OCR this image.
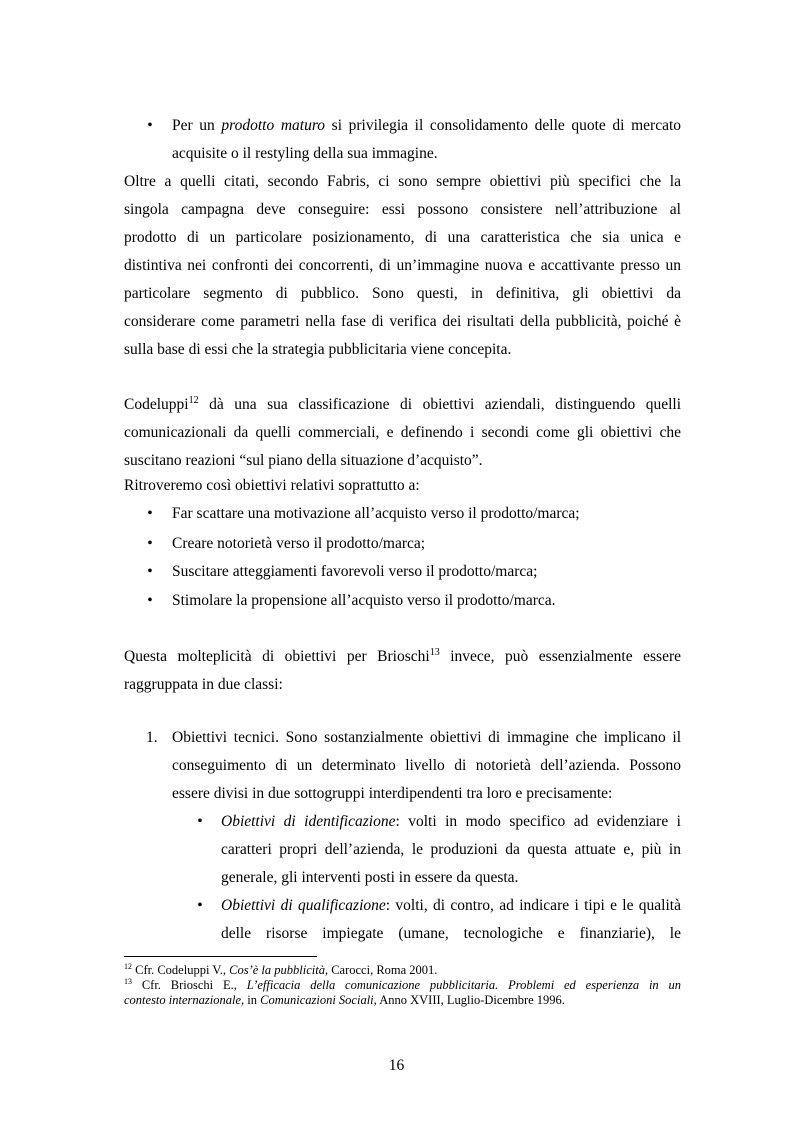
• Per un prodotto maturo si privilegia il consolidamento delle quote di mercato
acquisite o il restyling della sua immagine.
Oltre a quelli citati, secondo Fabris, ci sono sempre obiettivi più specifici che la
singola campagna deve conseguire: essi possono consistere nell’attribuzione al
prodotto di un particolare posizionamento, di una caratteristica che sia unica e
distintiva nei confronti dei concorrenti, di un’immagine nuova e accattivante presso un
particolare segmento di pubblico. Sono questi, in definitiva, gli obiettivi da
considerare come parametri nella fase di verifica dei risultati della pubblicità, poiché è
sulla base di essi che la strategia pubblicitaria viene concepita.
Codeluppi$^{12}$ dà una sua classificazione di obiettivi aziendali, distinguendo quelli
comunicazionali da quelli commerciali, e definendo i secondi come gli obiettivi che
suscitano reazioni “sul piano della situazione d’acquisto”.
Ritroveremo così obiettivi relativi soprattutto a:
• Far scattare una motivazione all’acquisto verso il prodotto/marca;
• Creare notorietà verso il prodotto/marca;
• Suscitare atteggiamenti favorevoli verso il prodotto/marca;
• Stimolare la propensione all’acquisto verso il prodotto/marca.
Questa molteplicità di obiettivi per Brioschi$^{13}$ invece, può essenzialmente essere
raggruppata in due classi:
1. Obiettivi tecnici. Sono sostanzialmente obiettivi di immagine che implicano il
conseguimento di un determinato livello di notorietà dell’azienda. Possono
essere divisi in due sottogruppi interdipendenti tra loro e precisamente:
• Obiettivi di identificazione: volti in modo specifico ad evidenziare i
caratteri propri dell’azienda, le produzioni da questa attuate e, più in
generale, gli interventi posti in essere da questa.
• Obiettivi di qualificazione: volti, di contro, ad indicare i tipi e le qualità
delle risorse impiegate (umane, tecnologiche e finanziarie), le
$^{12}$ Cfr. Codeluppi V., Cos’è la pubblicità, Carocci, Roma 2001.
$^{13}$ Cfr. Brioschi E., L’efficacia della comunicazione pubblicitaria. Problemi ed esperienza in un
contesto internazionale, in Comunicazioni Sociali, Anno XVIII, Luglio-Dicembre 1996.
16
